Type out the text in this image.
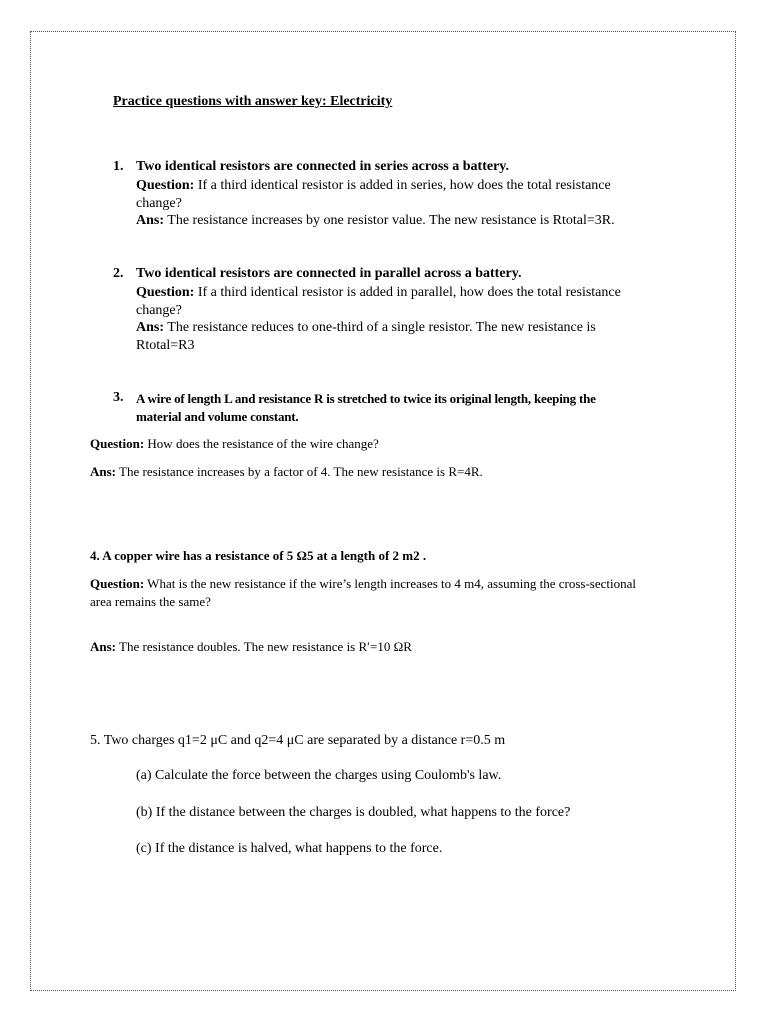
Practice questions with answer key: Electricity
1. Two identical resistors are connected in series across a battery.
Question: If a third identical resistor is added in series, how does the total resistance
change?
Ans: The resistance increases by one resistor value. The new resistance is Rtotal=3R.
2. Two identical resistors are connected in parallel across a battery.
Question: If a third identical resistor is added in parallel, how does the total resistance
change?
Ans: The resistance reduces to one-third of a single resistor. The new resistance is
Rtotal=R3
3. A wire of length L and resistance R is stretched to twice its original length, keeping the
material and volume constant.
Question: How does the resistance of the wire change?
Ans: The resistance increases by a factor of 4. The new resistance is R=4R.
4. A copper wire has a resistance of 5 Ω5 at a length of 2 m2 .
Question: What is the new resistance if the wire’s length increases to 4 m4, assuming the cross-sectional
area remains the same?
Ans: The resistance doubles. The new resistance is R′=10 ΩR
5. Two charges q1=2 μC and q2=4 μC are separated by a distance r=0.5 m
(a) Calculate the force between the charges using Coulomb's law.
(b) If the distance between the charges is doubled, what happens to the force?
(c) If the distance is halved, what happens to the force.
